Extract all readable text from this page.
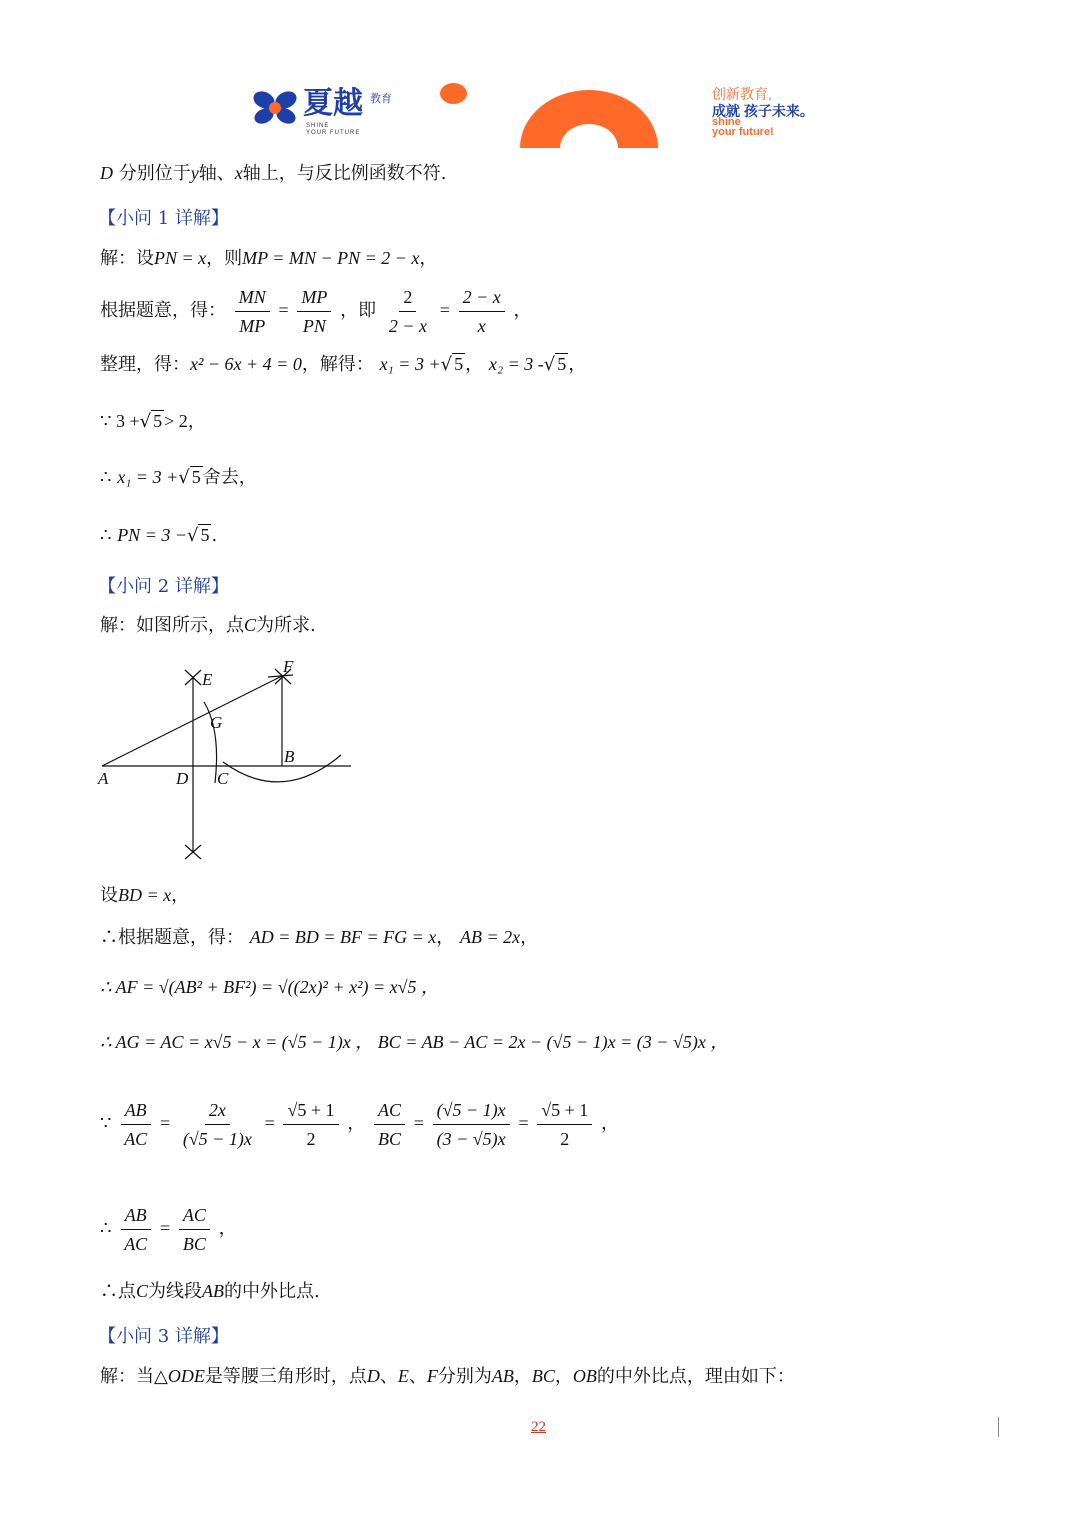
夏越 教育
SHINE
YOUR FUTURE
创新教育,
成就 孩子未来。
shine
your future!
D 分别位于y轴、x轴上，与反比例函数不符.
【小问 1 详解】
解：设PN = x，则MP = MN − PN = 2 − x，
根据题意，得： $\frac{MN}{MP} = \frac{MP}{PN}$ ，即 $\frac{2}{2 - x} = \frac{2 - x}{x}$ ，
整理，得：x² − 6x + 4 = 0，解得： x₁ = 3 +√ 5 ， x₂ = 3 -√ 5 ，
∵ 3 +√ 5 > 2，
∴ x₁ = 3 +√ 5 舍去，
∴ PN = 3 −√ 5 .
【小问 2 详解】
解：如图所示，点C为所求.
E
F
G
B
A	D C
设BD = x，
∴根据题意，得： AD = BD = BF = FG = x， AB = 2x，
∴ AF = √(AB² + BF²) = √((2x)² + x²) = x√5 ，
∴ AG = AC = x√5 − x = (√5 − 1)x ， BC = AB − AC = 2x − (√5 − 1)x = (3 − √5)x ，
∵ $\frac{AB}{AC} = \frac{2x}{(√5 - 1)x} = \frac{√5 + 1}{2}$ ， $\frac{AC}{BC} = \frac{(√5 - 1)x}{(3 - √5)x} = \frac{√5 + 1}{2}$ ，
∴ $\frac{AB}{AC} = \frac{AC}{BC}$ ，
∴点C为线段AB的中外比点.
【小问 3 详解】
解：当△ODE是等腰三角形时，点D、E、F分别为AB，BC，OB的中外比点，理由如下：
22
